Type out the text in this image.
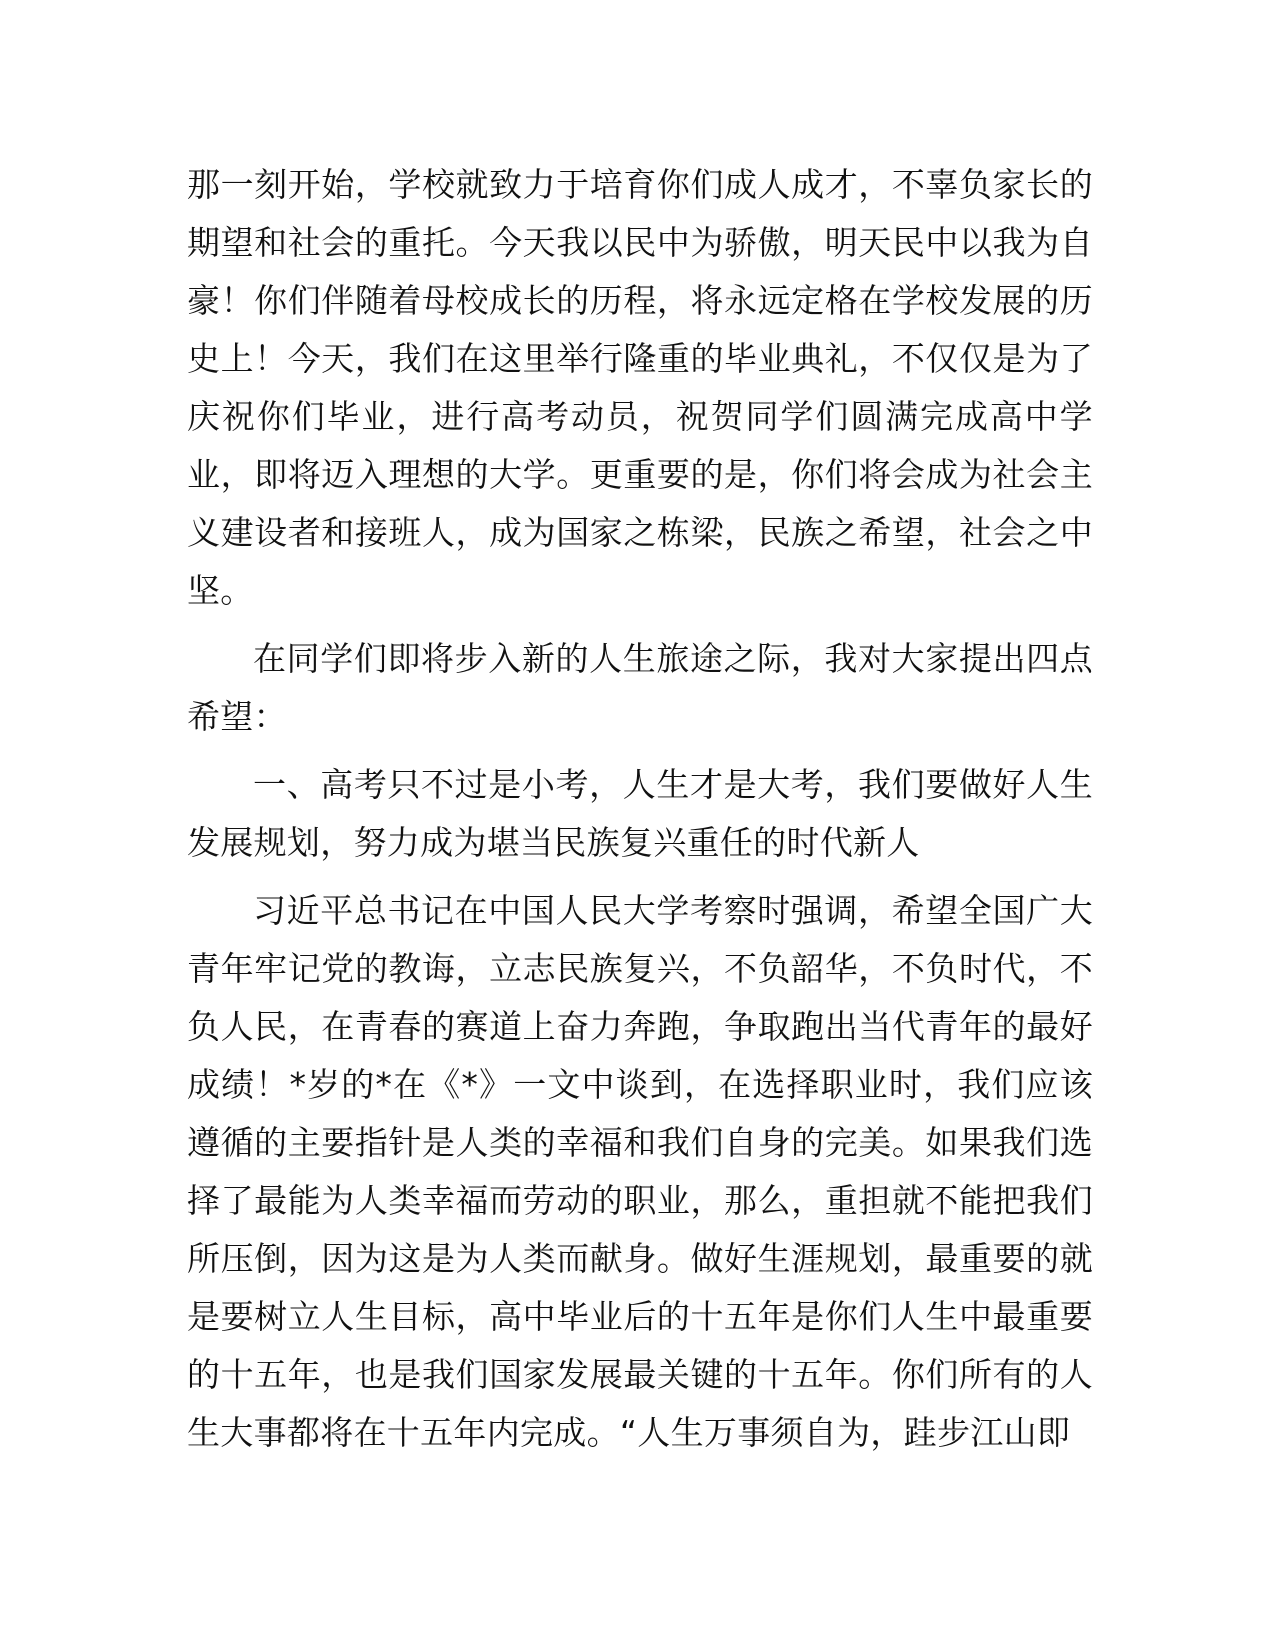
那一刻开始，学校就致力于培育你们成人成才，不辜负家长的期望和社会的重托。今天我以民中为骄傲，明天民中以我为自豪！你们伴随着母校成长的历程，将永远定格在学校发展的历史上！今天，我们在这里举行隆重的毕业典礼，不仅仅是为了庆祝你们毕业，进行高考动员，祝贺同学们圆满完成高中学业，即将迈入理想的大学。更重要的是，你们将会成为社会主义建设者和接班人，成为国家之栋梁，民族之希望，社会之中坚。

在同学们即将步入新的人生旅途之际，我对大家提出四点希望：

一、高考只不过是小考，人生才是大考，我们要做好人生发展规划，努力成为堪当民族复兴重任的时代新人

习近平总书记在中国人民大学考察时强调，希望全国广大青年牢记党的教诲，立志民族复兴，不负韶华，不负时代，不负人民，在青春的赛道上奋力奔跑，争取跑出当代青年的最好成绩！*岁的*在《*》一文中谈到，在选择职业时，我们应该遵循的主要指针是人类的幸福和我们自身的完美。如果我们选择了最能为人类幸福而劳动的职业，那么，重担就不能把我们所压倒，因为这是为人类而献身。做好生涯规划，最重要的就是要树立人生目标，高中毕业后的十五年是你们人生中最重要的十五年，也是我们国家发展最关键的十五年。你们所有的人生大事都将在十五年内完成。“人生万事须自为，跬步江山即
